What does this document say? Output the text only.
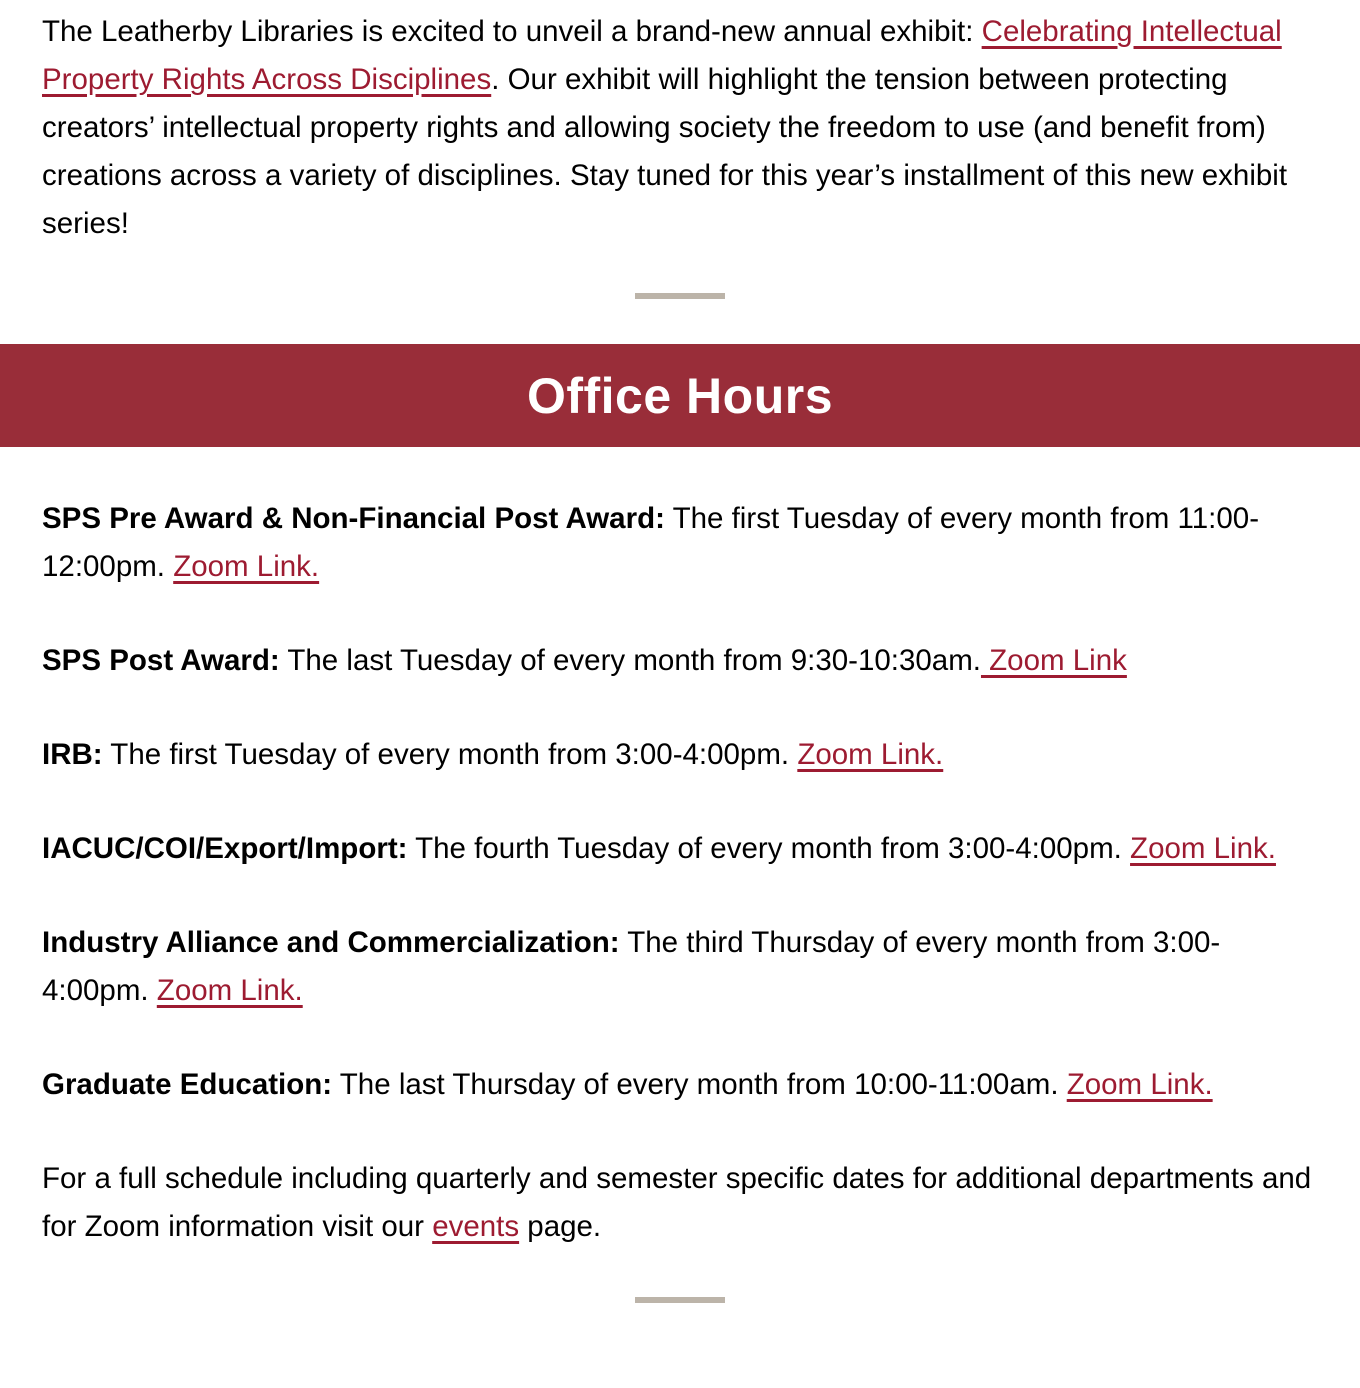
The Leatherby Libraries is excited to unveil a brand-new annual exhibit: Celebrating Intellectual Property Rights Across Disciplines. Our exhibit will highlight the tension between protecting creators’ intellectual property rights and allowing society the freedom to use (and benefit from) creations across a variety of disciplines. Stay tuned for this year’s installment of this new exhibit series!

Office Hours

SPS Pre Award & Non-Financial Post Award: The first Tuesday of every month from 11:00-12:00pm. Zoom Link.

SPS Post Award: The last Tuesday of every month from 9:30-10:30am. Zoom Link

IRB: The first Tuesday of every month from 3:00-4:00pm. Zoom Link.

IACUC/COI/Export/Import: The fourth Tuesday of every month from 3:00-4:00pm. Zoom Link.

Industry Alliance and Commercialization: The third Thursday of every month from 3:00-4:00pm. Zoom Link.

Graduate Education: The last Thursday of every month from 10:00-11:00am. Zoom Link.

For a full schedule including quarterly and semester specific dates for additional departments and for Zoom information visit our events page.
